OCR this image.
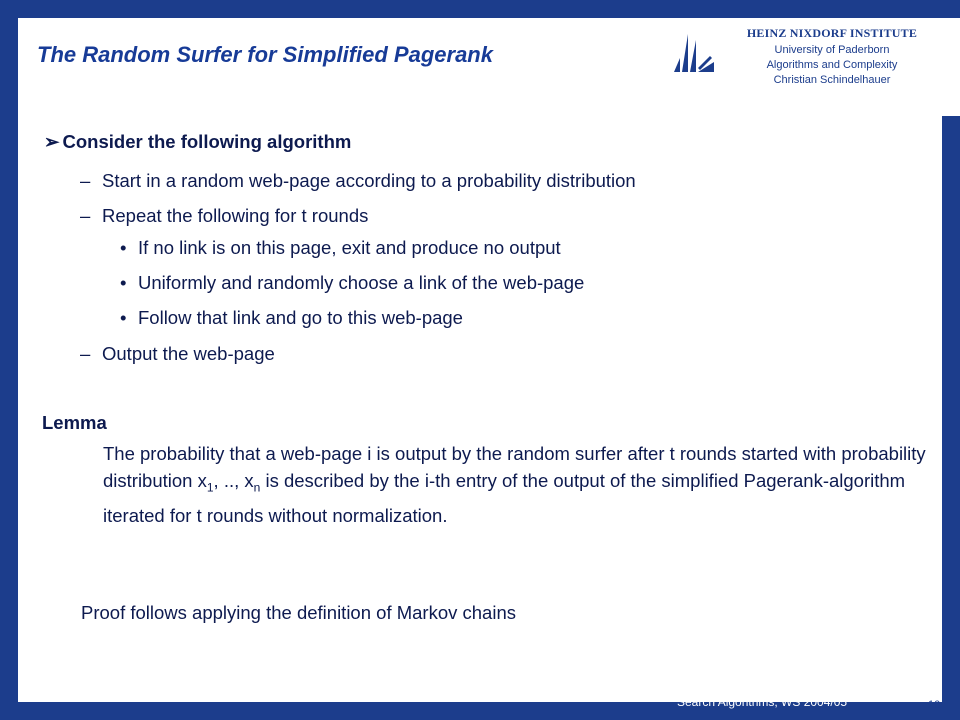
The Random Surfer for Simplified Pagerank
HEINZ NIXDORF INSTITUTE
University of Paderborn
Algorithms and Complexity
Christian Schindelhauer
➢ Consider the following algorithm
– Start in a random web-page according to a probability distribution
– Repeat the following for t rounds
• If no link is on this page, exit and produce no output
• Uniformly and randomly choose a link of the web-page
• Follow that link and go to this web-page
– Output the web-page
Lemma
The probability that a web-page i is output by the random surfer after t rounds started with probability distribution $x_1$, .., $x_n$ is described by the i-th entry of the output of the simplified Pagerank-algorithm iterated for t rounds without normalization.
Proof follows applying the definition of Markov chains
Search Algorithms, WS 2004/05	10
